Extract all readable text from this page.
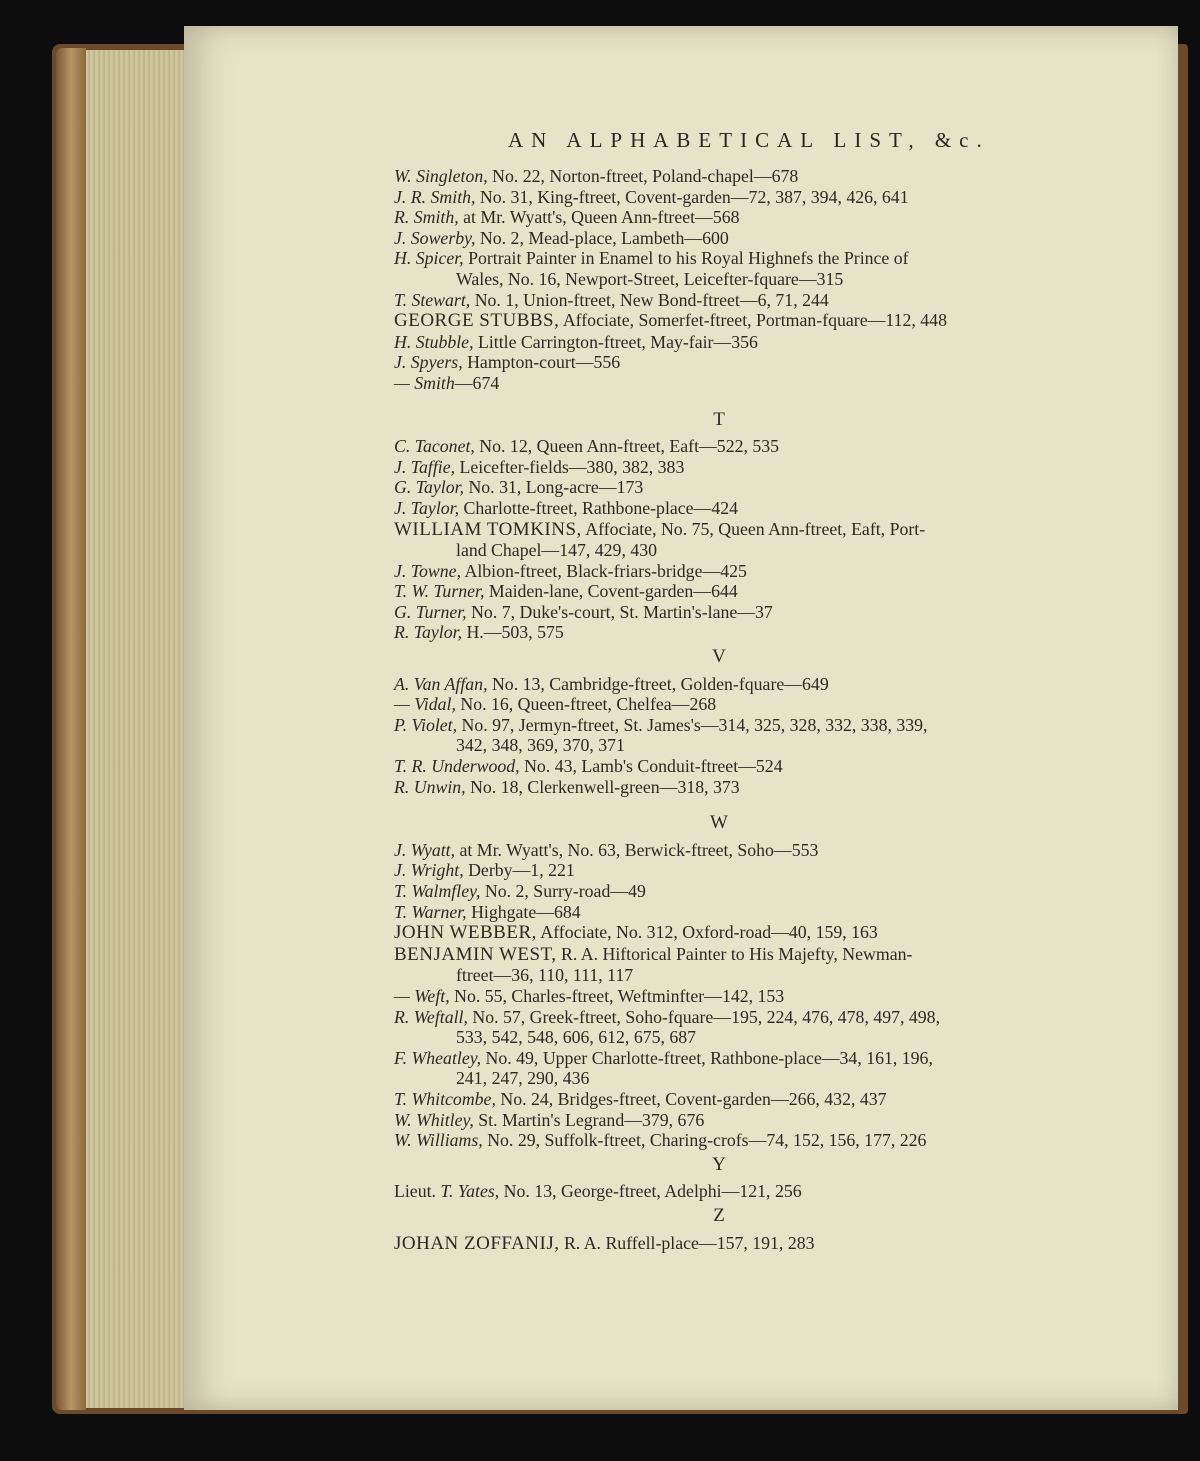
AN ALPHABETICAL LIST, &c.
W. Singleton, No. 22, Norton-ftreet, Poland-chapel—678
J. R. Smith, No. 31, King-ftreet, Covent-garden—72, 387, 394, 426, 641
R. Smith, at Mr. Wyatt's, Queen Ann-ftreet—568
J. Sowerby, No. 2, Mead-place, Lambeth—600
H. Spicer, Portrait Painter in Enamel to his Royal Highnefs the Prince of
Wales, No. 16, Newport-Street, Leicefter-fquare—315
T. Stewart, No. 1, Union-ftreet, New Bond-ftreet—6, 71, 244
GEORGE STUBBS, Affociate, Somerfet-ftreet, Portman-fquare—112, 448
H. Stubble, Little Carrington-ftreet, May-fair—356
J. Spyers, Hampton-court—556
— Smith—674
T
C. Taconet, No. 12, Queen Ann-ftreet, Eaft—522, 535
J. Taffie, Leicefter-fields—380, 382, 383
G. Taylor, No. 31, Long-acre—173
J. Taylor, Charlotte-ftreet, Rathbone-place—424
WILLIAM TOMKINS, Affociate, No. 75, Queen Ann-ftreet, Eaft, Port-
land Chapel—147, 429, 430
J. Towne, Albion-ftreet, Black-friars-bridge—425
T. W. Turner, Maiden-lane, Covent-garden—644
G. Turner, No. 7, Duke's-court, St. Martin's-lane—37
R. Taylor, H.—503, 575
V
A. Van Affan, No. 13, Cambridge-ftreet, Golden-fquare—649
— Vidal, No. 16, Queen-ftreet, Chelfea—268
P. Violet, No. 97, Jermyn-ftreet, St. James's—314, 325, 328, 332, 338, 339,
342, 348, 369, 370, 371
T. R. Underwood, No. 43, Lamb's Conduit-ftreet—524
R. Unwin, No. 18, Clerkenwell-green—318, 373
W
J. Wyatt, at Mr. Wyatt's, No. 63, Berwick-ftreet, Soho—553
J. Wright, Derby—1, 221
T. Walmfley, No. 2, Surry-road—49
T. Warner, Highgate—684
JOHN WEBBER, Affociate, No. 312, Oxford-road—40, 159, 163
BENJAMIN WEST, R. A. Hiftorical Painter to His Majefty, Newman-
ftreet—36, 110, 111, 117
— Weft, No. 55, Charles-ftreet, Weftminfter—142, 153
R. Weftall, No. 57, Greek-ftreet, Soho-fquare—195, 224, 476, 478, 497, 498,
533, 542, 548, 606, 612, 675, 687
F. Wheatley, No. 49, Upper Charlotte-ftreet, Rathbone-place—34, 161, 196,
241, 247, 290, 436
T. Whitcombe, No. 24, Bridges-ftreet, Covent-garden—266, 432, 437
W. Whitley, St. Martin's Legrand—379, 676
W. Williams, No. 29, Suffolk-ftreet, Charing-crofs—74, 152, 156, 177, 226
Y
Lieut. T. Yates, No. 13, George-ftreet, Adelphi—121, 256
Z
JOHAN ZOFFANIJ, R. A. Ruffell-place—157, 191, 283
